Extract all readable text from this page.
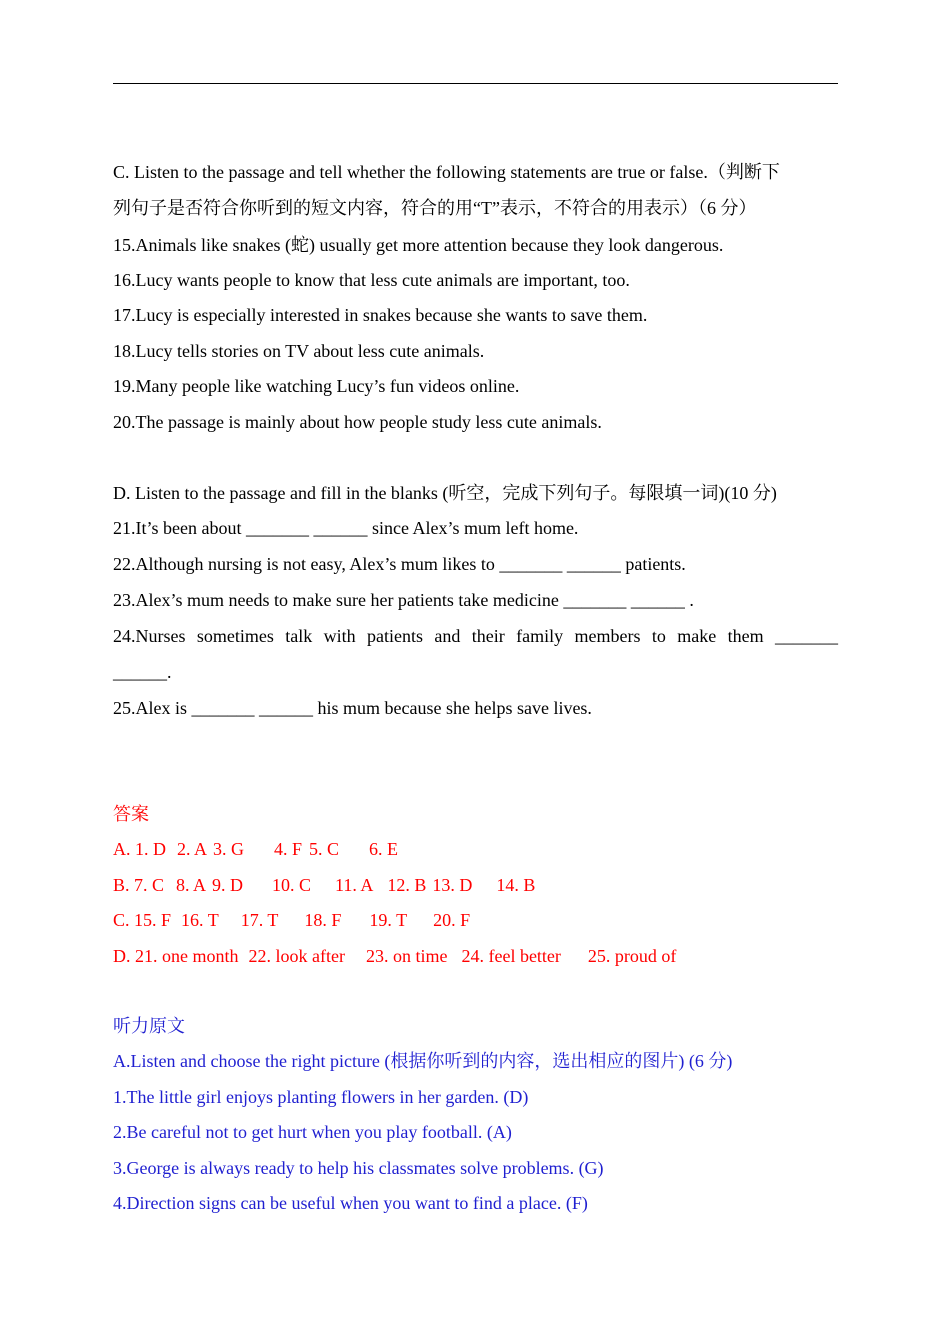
C. Listen to the passage and tell whether the following statements are true or false.（判断下
列句子是否符合你听到的短文内容，符合的用“T”表示，不符合的用表示）（6 分）
15.Animals like snakes (蛇) usually get more attention because they look dangerous.
16.Lucy wants people to know that less cute animals are important, too.
17.Lucy is especially interested in snakes because she wants to save them.
18.Lucy tells stories on TV about less cute animals.
19.Many people like watching Lucy’s fun videos online.
20.The passage is mainly about how people study less cute animals.
D. Listen to the passage and fill in the blanks (听空，完成下列句子。每限填一词)(10 分)
21.It’s been about _______ ______ since Alex’s mum left home.
22.Although nursing is not easy, Alex’s mum likes to _______ ______ patients.
23.Alex’s mum needs to make sure her patients take medicine _______ ______ .
24.Nurses sometimes talk with patients and their family members to make them _______
______.
25.Alex is _______ ______ his mum because she helps save lives.
答案
A. 1. D 2. A 3. G 4. F 5. C 6. E
B. 7. C 8. A 9. D 10. C 11. A 12. B 13. D 14. B
C. 15. F 16. T 17. T 18. F 19. T 20. F
D. 21. one month 22. look after 23. on time 24. feel better 25. proud of
听力原文
A.Listen and choose the right picture (根据你听到的内容，选出相应的图片) (6 分)
1.The little girl enjoys planting flowers in her garden. (D)
2.Be careful not to get hurt when you play football. (A)
3.George is always ready to help his classmates solve problems. (G)
4.Direction signs can be useful when you want to find a place. (F)
